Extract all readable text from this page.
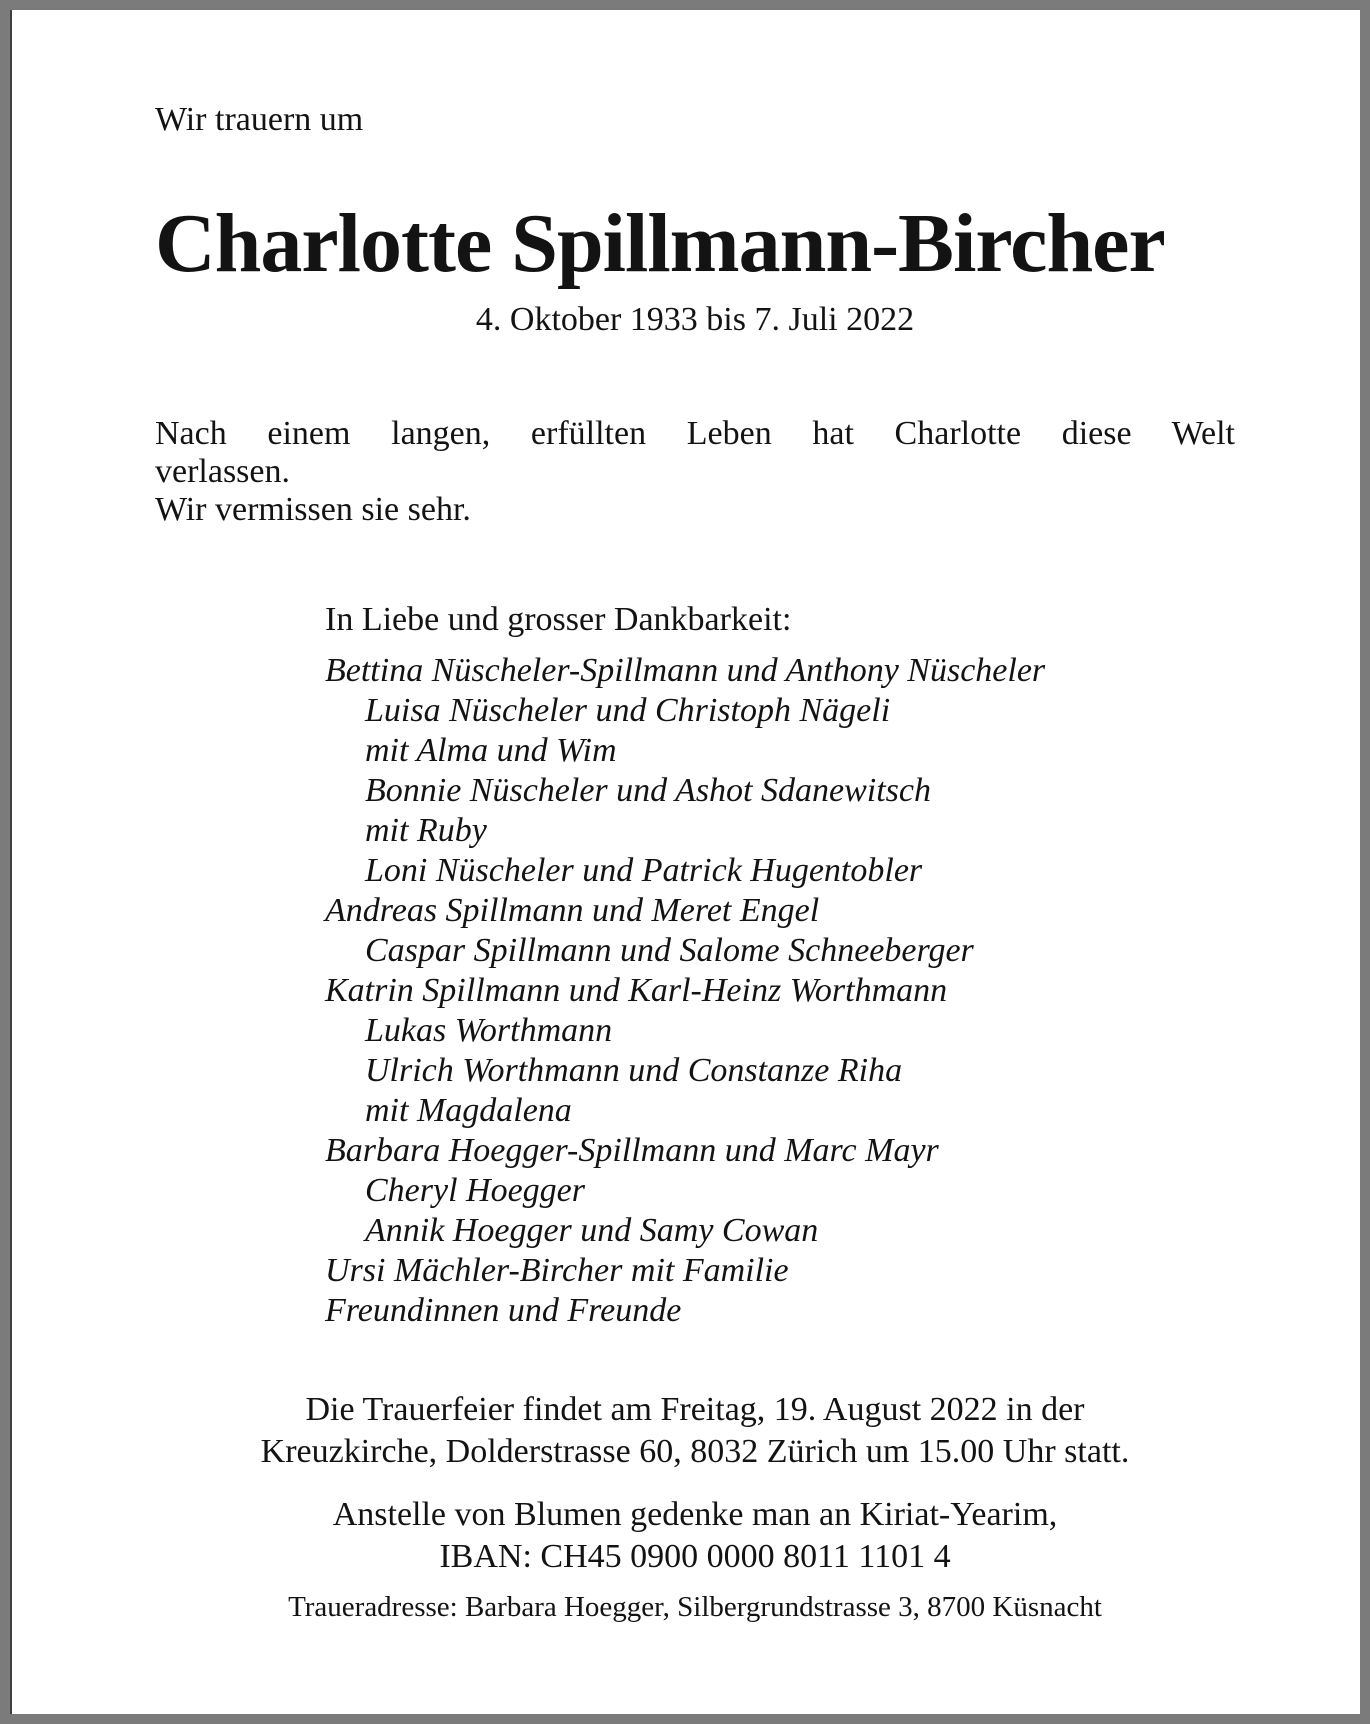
Wir trauern um
Charlotte Spillmann-Bircher
4. Oktober 1933 bis 7. Juli 2022
Nach einem langen, erfüllten Leben hat Charlotte diese Welt
verlassen.
Wir vermissen sie sehr.
In Liebe und grosser Dankbarkeit:
Bettina Nüscheler-Spillmann und Anthony Nüscheler
Luisa Nüscheler und Christoph Nägeli
mit Alma und Wim
Bonnie Nüscheler und Ashot Sdanewitsch
mit Ruby
Loni Nüscheler und Patrick Hugentobler
Andreas Spillmann und Meret Engel
Caspar Spillmann und Salome Schneeberger
Katrin Spillmann und Karl-Heinz Worthmann
Lukas Worthmann
Ulrich Worthmann und Constanze Riha
mit Magdalena
Barbara Hoegger-Spillmann und Marc Mayr
Cheryl Hoegger
Annik Hoegger und Samy Cowan
Ursi Mächler-Bircher mit Familie
Freundinnen und Freunde
Die Trauerfeier findet am Freitag, 19. August 2022 in der
Kreuzkirche, Dolderstrasse 60, 8032 Zürich um 15.00 Uhr statt.
Anstelle von Blumen gedenke man an Kiriat-Yearim,
IBAN: CH45 0900 0000 8011 1101 4
Traueradresse: Barbara Hoegger, Silbergrundstrasse 3, 8700 Küsnacht
